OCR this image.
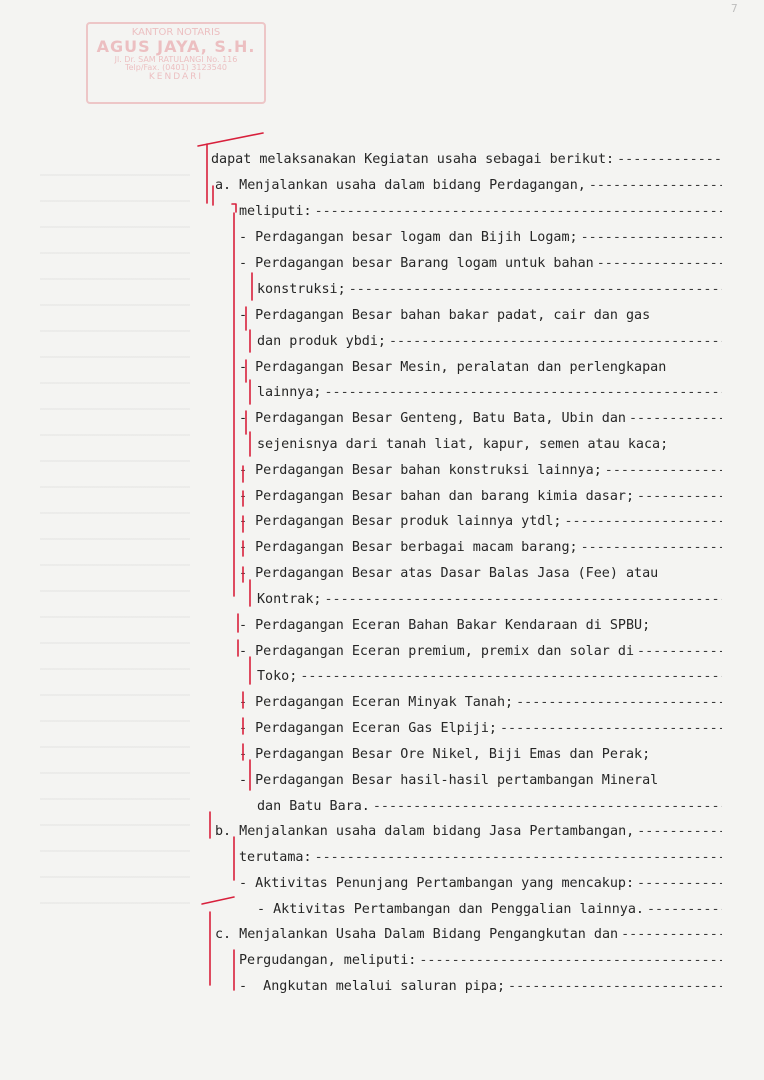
7
KANTOR NOTARIS
AGUS JAYA, S.H.
Jl. Dr. SAM RATULANGI No. 116
Telp/Fax. (0401) 3123540
KENDARI
dapat melaksanakan Kegiatan usaha sebagai berikut:
-----
a. Menjalankan usaha dalam bidang Perdagangan,
-----
meliputi:
-----
- Perdagangan besar logam dan Bijih Logam;
-----
- Perdagangan besar Barang logam untuk bahan
-----
konstruksi;
-----
- Perdagangan Besar bahan bakar padat, cair dan gas
dan produk ybdi;
-----
- Perdagangan Besar Mesin, peralatan dan perlengkapan
lainnya;
-----
- Perdagangan Besar Genteng, Batu Bata, Ubin dan
-----
sejenisnya dari tanah liat, kapur, semen atau kaca;
- Perdagangan Besar bahan konstruksi lainnya;
-----
- Perdagangan Besar bahan dan barang kimia dasar;
-----
- Perdagangan Besar produk lainnya ytdl;
-----
- Perdagangan Besar berbagai macam barang;
-----
- Perdagangan Besar atas Dasar Balas Jasa (Fee) atau
Kontrak;
-----
- Perdagangan Eceran Bahan Bakar Kendaraan di SPBU;
- Perdagangan Eceran premium, premix dan solar di
-----
Toko;
-----
- Perdagangan Eceran Minyak Tanah;
-----
- Perdagangan Eceran Gas Elpiji;
-----
- Perdagangan Besar Ore Nikel, Biji Emas dan Perak;
- Perdagangan Besar hasil-hasil pertambangan Mineral
dan Batu Bara.
-----
b. Menjalankan usaha dalam bidang Jasa Pertambangan,
-----
terutama:
-----
- Aktivitas Penunjang Pertambangan yang mencakup:
-----
- Aktivitas Pertambangan dan Penggalian lainnya.
-----
c. Menjalankan Usaha Dalam Bidang Pengangkutan dan
-----
Pergudangan, meliputi:
-----
-  Angkutan melalui saluran pipa;
-----
